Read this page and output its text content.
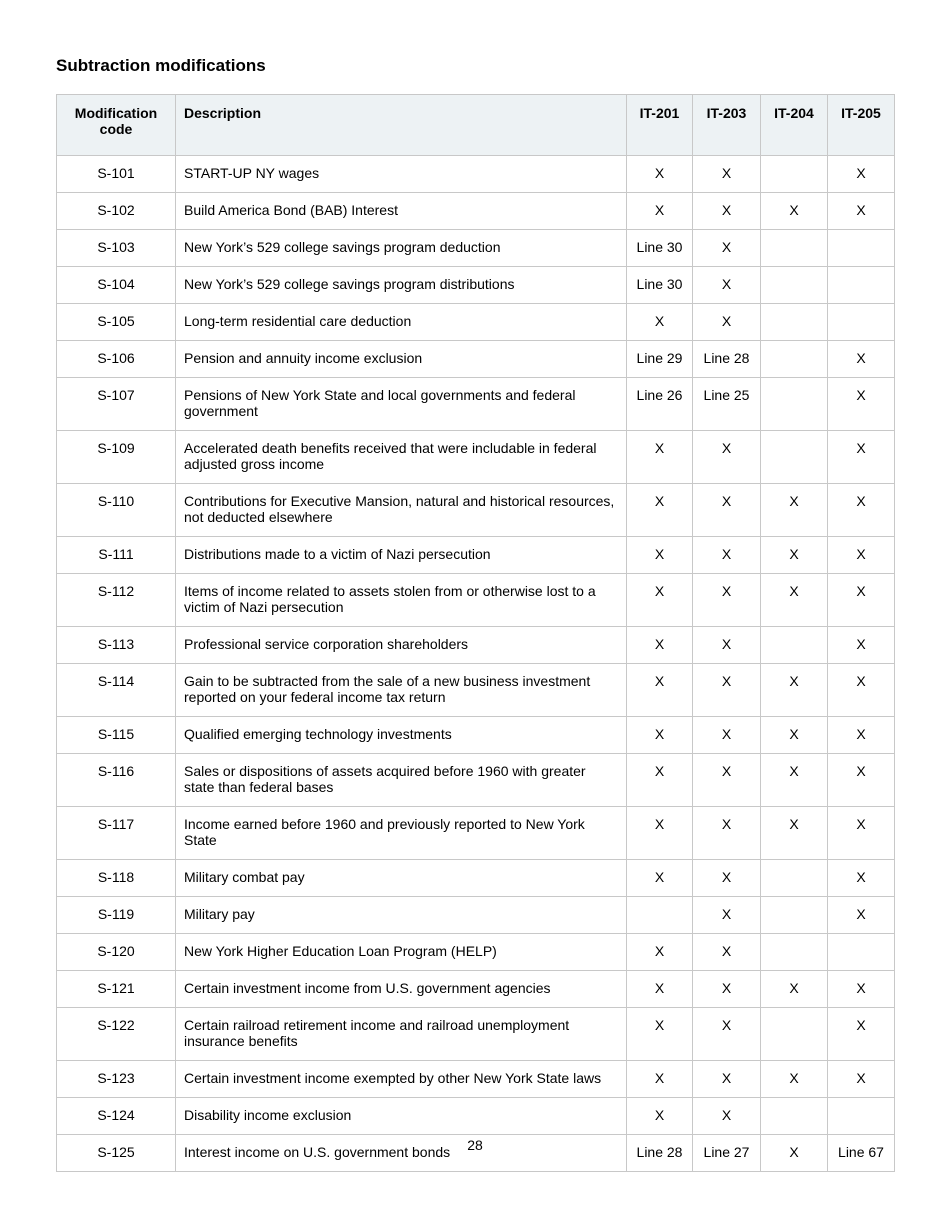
Subtraction modifications
Modification code	Description	IT-201	IT-203	IT-204	IT-205
S-101	START-UP NY wages	X	X		X
S-102	Build America Bond (BAB) Interest	X	X	X	X
S-103	New York’s 529 college savings program deduction	Line 30	X		
S-104	New York’s 529 college savings program distributions	Line 30	X		
S-105	Long-term residential care deduction	X	X		
S-106	Pension and annuity income exclusion	Line 29	Line 28		X
S-107	Pensions of New York State and local governments and federal government	Line 26	Line 25		X
S-109	Accelerated death benefits received that were includable in federal adjusted gross income	X	X		X
S-110	Contributions for Executive Mansion, natural and historical resources, not deducted elsewhere	X	X	X	X
S-111	Distributions made to a victim of Nazi persecution	X	X	X	X
S-112	Items of income related to assets stolen from or otherwise lost to a victim of Nazi persecution	X	X	X	X
S-113	Professional service corporation shareholders	X	X		X
S-114	Gain to be subtracted from the sale of a new business investment reported on your federal income tax return	X	X	X	X
S-115	Qualified emerging technology investments	X	X	X	X
S-116	Sales or dispositions of assets acquired before 1960 with greater state than federal bases	X	X	X	X
S-117	Income earned before 1960 and previously reported to New York State	X	X	X	X
S-118	Military combat pay	X	X		X
S-119	Military pay		X		X
S-120	New York Higher Education Loan Program (HELP)	X	X		
S-121	Certain investment income from U.S. government agencies	X	X	X	X
S-122	Certain railroad retirement income and railroad unemployment insurance benefits	X	X		X
S-123	Certain investment income exempted by other New York State laws	X	X	X	X
S-124	Disability income exclusion	X	X		
S-125	Interest income on U.S. government bonds	Line 28	Line 27	X	Line 67
28
